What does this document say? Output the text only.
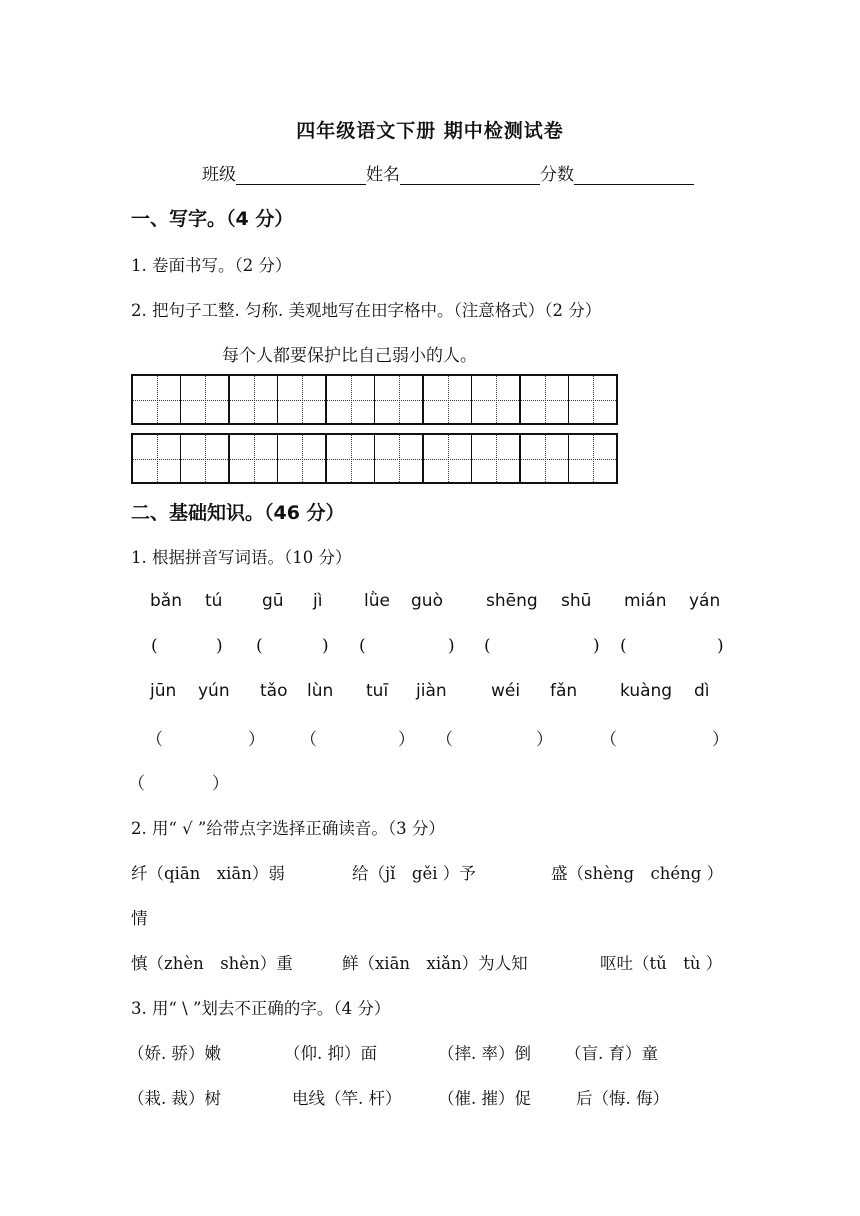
四年级语文下册 期中检测试卷
班级	姓名	分数
一、写字。（4 分）
1. 卷面书写。（2 分）
2. 把句子工整. 匀称. 美观地写在田字格中。（注意格式）（2 分）
每个人都要保护比自己弱小的人。
二、基础知识。（46 分）
1. 根据拼音写词语。（10 分）
bǎn tú gū jì lǜe guò	shēng shū mián yán
(	) (	) (	) (	) (	)
jūn yún tǎo lùn tuī jiàn	wéi fǎn	kuàng dì
（	） （	） （	）	（	）
（	）
2. 用“ √ ”给带点字选择正确读音。（3 分）
纤（qiān　xiān）弱	给（jǐ　gěi ）予	盛（shèng　chéng ）
情
慎（zhèn　shèn）重	鲜（xiān　xiǎn）为人知	呕吐（tǔ　tù ）
3. 用“ \ ”划去不正确的字。（4 分）
（娇. 骄）嫩	（仰. 抑）面	（摔. 率）倒 （盲. 育）童
（栽. 裁）树	电线（竿. 杆） （催. 摧）促	后（悔. 侮）
